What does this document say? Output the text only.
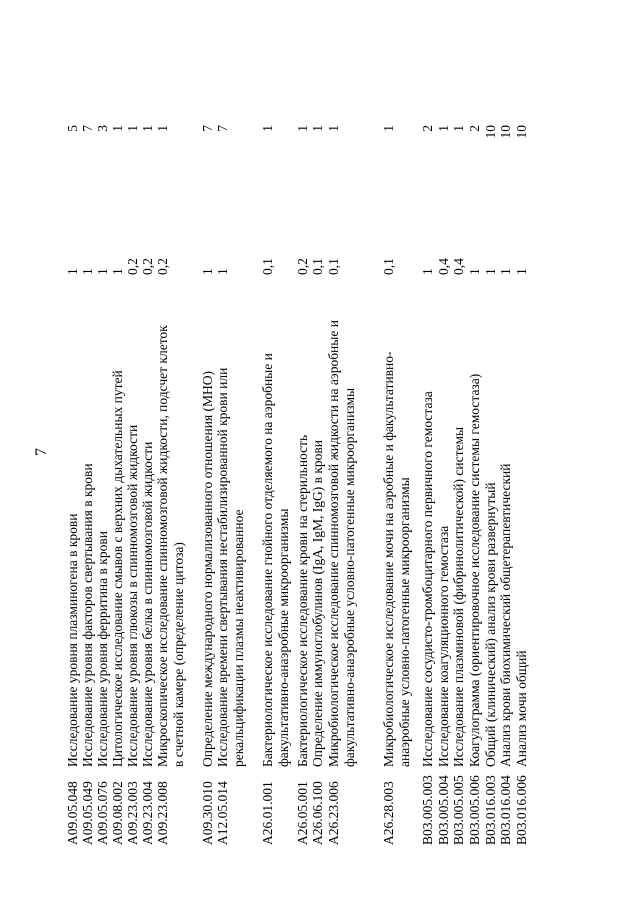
7
A09.05.048
Исследование уровня плазминогена в крови
1
5
A09.05.049
Исследование уровня факторов свертывания в крови
1
7
A09.05.076
Исследование уровня ферритина в крови
1
3
A09.08.002
Цитологическое исследование смывов с верхних дыхательных путей
1
1
A09.23.003
Исследование уровня глюкозы в спинномозговой жидкости
0,2
1
A09.23.004
Исследование уровня белка в спинномозговой жидкости
0,2
1
A09.23.008
Микроскопическое исследование спинномозговой жидкости, подсчет клеток в счетной камере (определение цитоза)
0,2
1
A09.30.010
Определение международного нормализованного отношения (МНО)
1
7
A12.05.014
Исследование времени свертывания нестабилизированной крови или рекальцификации плазмы неактивированное
1
7
A26.01.001
Бактериологическое исследование гнойного отделяемого на аэробные и факультативно-анаэробные микроорганизмы
0,1
1
A26.05.001
Бактериологическое исследование крови на стерильность
0,2
1
A26.06.100
Определение иммуноглобулинов (IgA, IgM, IgG) в крови
0,1
1
A26.23.006
Микробиологическое исследование спинномозговой жидкости на аэробные и факультативно-анаэробные условно-патогенные микроорганизмы
0,1
1
A26.28.003
Микробиологическое исследование мочи на аэробные и факультативно-анаэробные условно-патогенные микроорганизмы
0,1
1
B03.005.003
Исследование сосудисто-тромбоцитарного первичного гемостаза
1
2
B03.005.004
Исследование коагуляционного гемостаза
0,4
1
B03.005.005
Исследование плазминовой (фибринолитической) системы
0,4
1
B03.005.006
Коагулограмма (ориентировочное исследование системы гемостаза)
1
2
B03.016.003
Общий (клинический) анализ крови развернутый
1
10
B03.016.004
Анализ крови биохимический общетерапевтический
1
10
B03.016.006
Анализ мочи общий
1
10
